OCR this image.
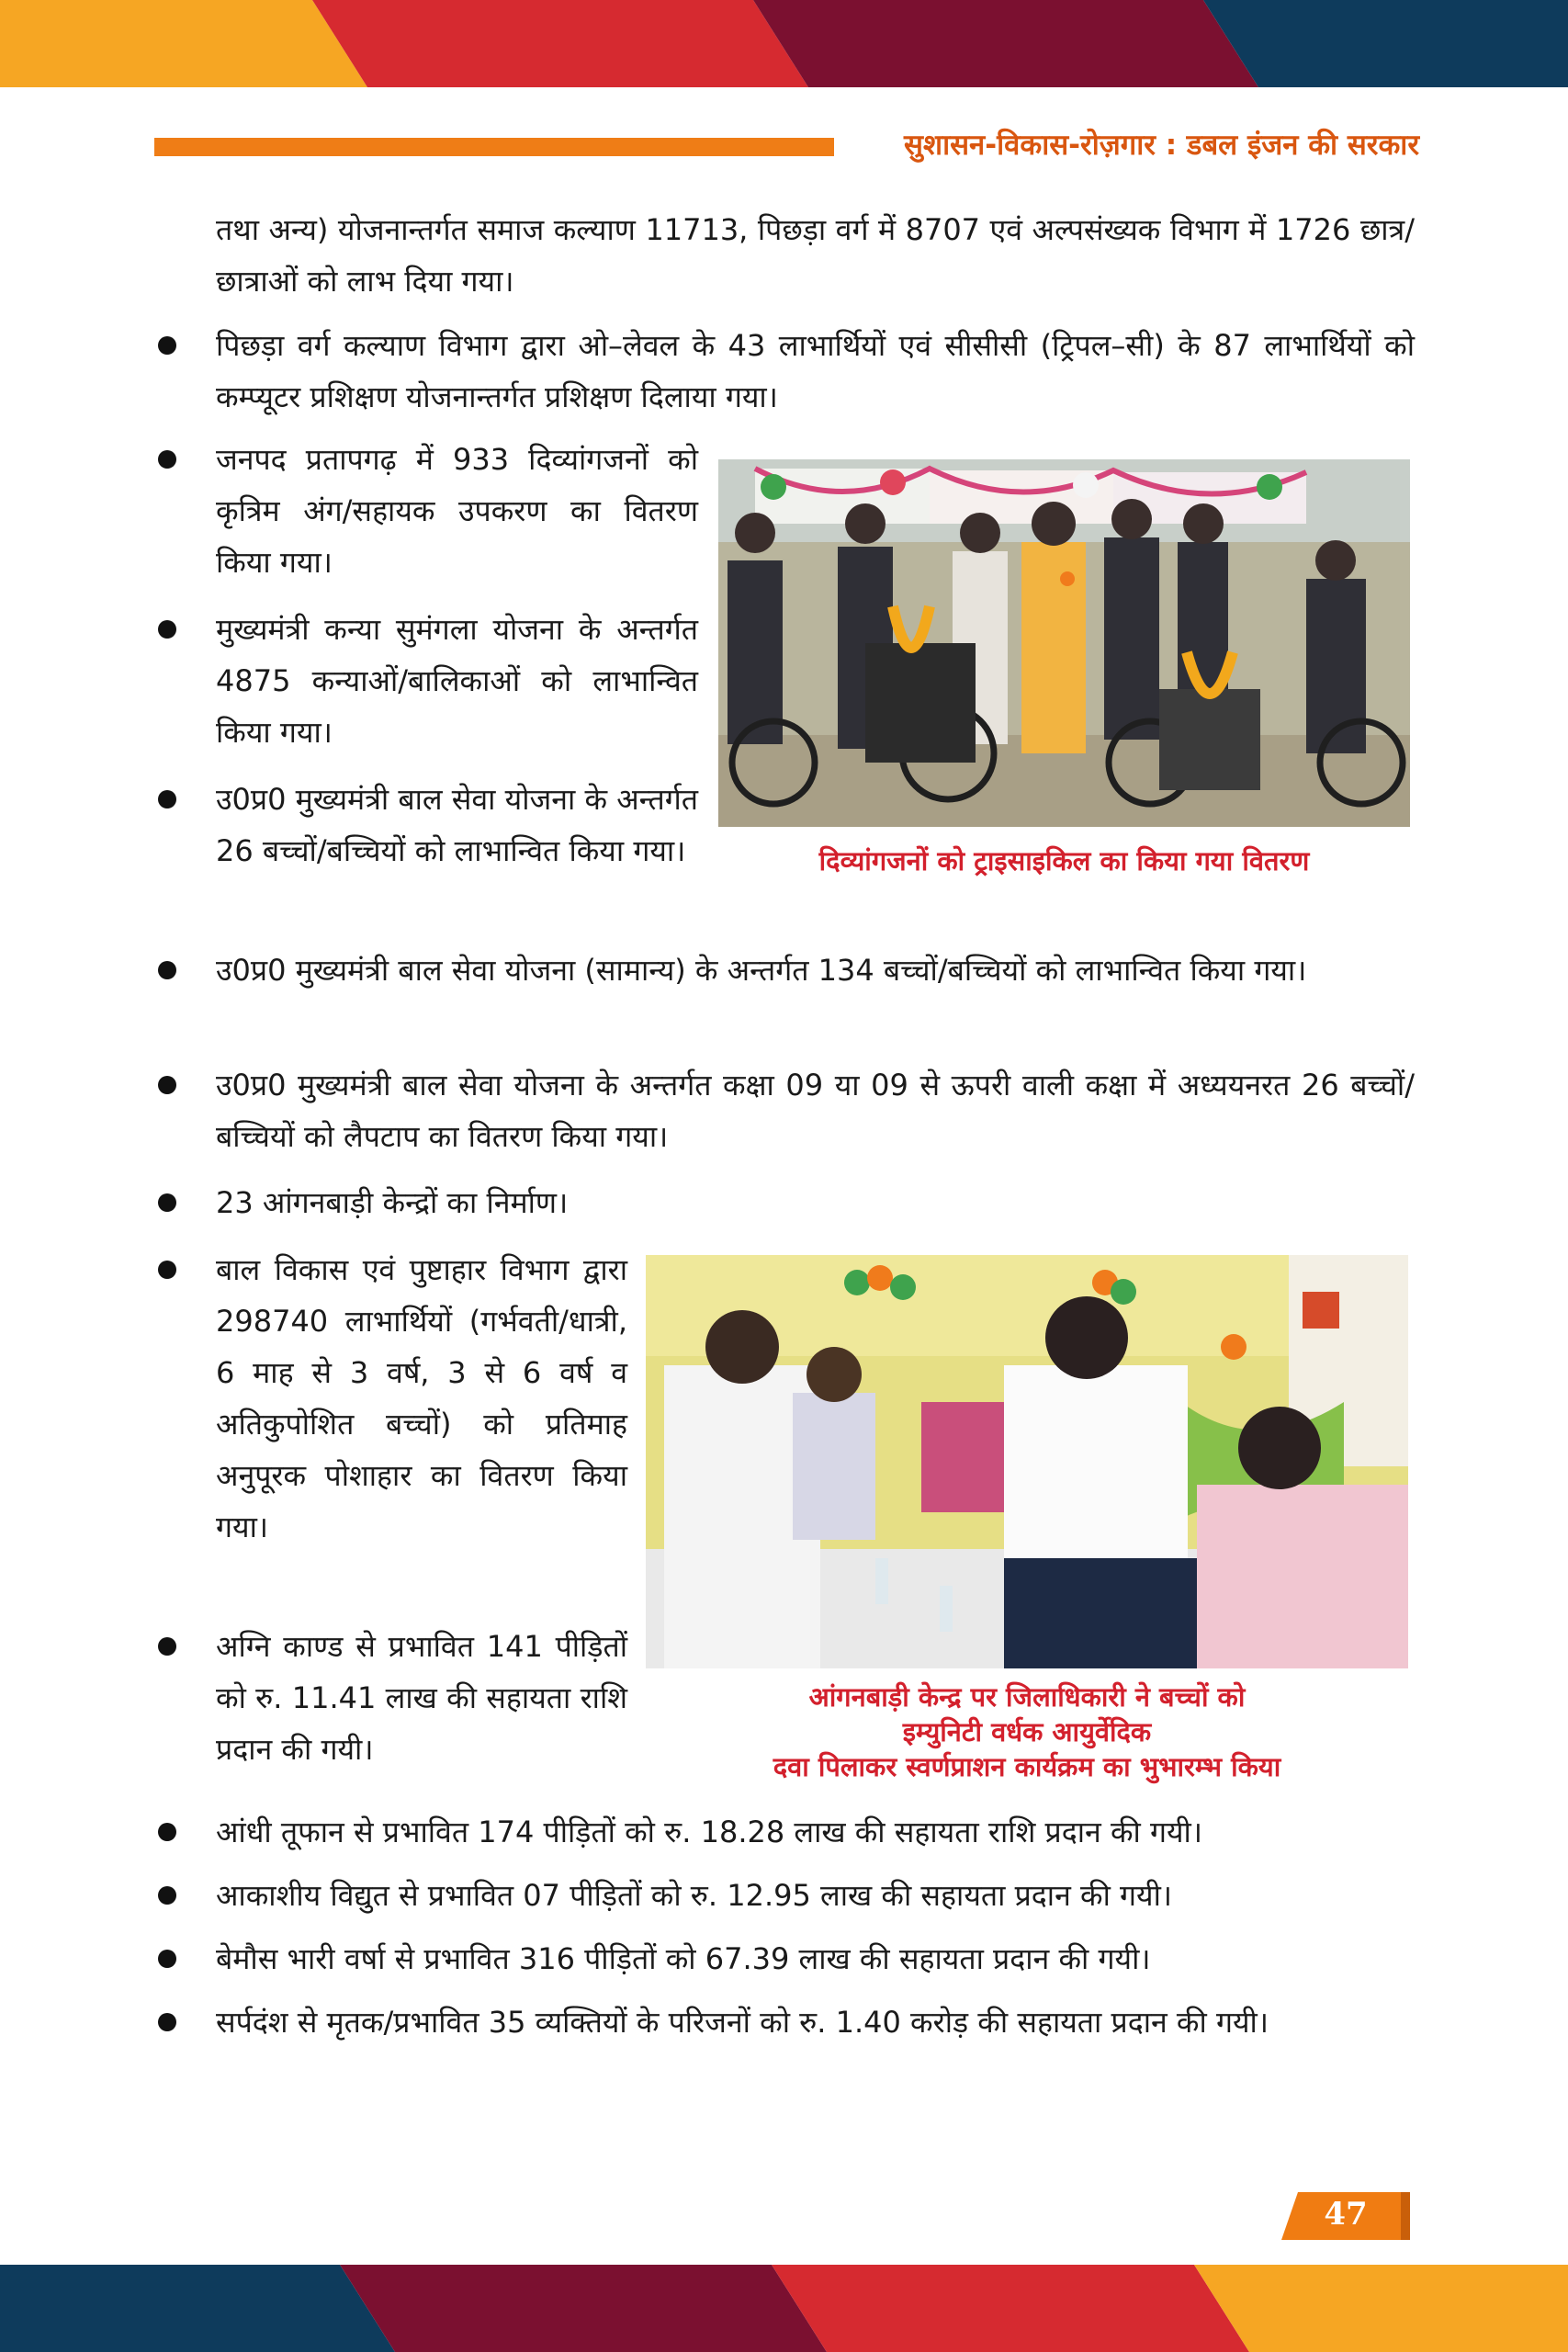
सुशासन-विकास-रोज़गार : डबल इंजन की सरकार

तथा अन्य) योजनान्तर्गत समाज कल्याण 11713, पिछड़ा वर्ग में 8707 एवं अल्पसंख्यक विभाग में 1726 छात्र/छात्राओं को लाभ दिया गया।

पिछड़ा वर्ग कल्याण विभाग द्वारा ओ–लेवल के 43 लाभार्थियों एवं सीसीसी (ट्रिपल–सी) के 87 लाभार्थियों को कम्प्यूटर प्रशिक्षण योजनान्तर्गत प्रशिक्षण दिलाया गया।

जनपद प्रतापगढ़ में 933 दिव्यांगजनों को कृत्रिम अंग/सहायक उपकरण का वितरण किया गया।

मुख्यमंत्री कन्या सुमंगला योजना के अन्तर्गत 4875 कन्याओं/बालिकाओं को लाभान्वित किया गया।

उ0प्र0 मुख्यमंत्री बाल सेवा योजना के अन्तर्गत 26 बच्चों/बच्चियों को लाभान्वित किया गया।	दिव्यांगजनों को ट्राइसाइकिल का किया गया वितरण

उ0प्र0 मुख्यमंत्री बाल सेवा योजना (सामान्य) के अन्तर्गत 134 बच्चों/बच्चियों को लाभान्वित किया गया।

उ0प्र0 मुख्यमंत्री बाल सेवा योजना के अन्तर्गत कक्षा 09 या 09 से ऊपरी वाली कक्षा में अध्ययनरत 26 बच्चों/बच्चियों को लैपटाप का वितरण किया गया।

23 आंगनबाड़ी केन्द्रों का निर्माण।

बाल विकास एवं पुष्टाहार विभाग द्वारा 298740 लाभार्थियों (गर्भवती/धात्री, 6 माह से 3 वर्ष, 3 से 6 वर्ष व अतिकुपोशित बच्चों) को प्रतिमाह अनुपूरक पोशाहार का वितरण किया गया।

अग्नि काण्ड से प्रभावित 141 पीड़ितों को रु. 11.41 लाख की सहायता राशि प्रदान की गयी।

आंगनबाड़ी केन्द्र पर जिलाधिकारी ने बच्चों को
इम्युनिटी वर्धक आयुर्वेदिक
दवा पिलाकर स्वर्णप्राशन कार्यक्रम का भुभारम्भ किया

आंधी तूफान से प्रभावित 174 पीड़ितों को रु. 18.28 लाख की सहायता राशि प्रदान की गयी।

आकाशीय विद्युत से प्रभावित 07 पीड़ितों को रु. 12.95 लाख की सहायता प्रदान की गयी।

बेमौस भारी वर्षा से प्रभावित 316 पीड़ितों को 67.39 लाख की सहायता प्रदान की गयी।

सर्पदंश से मृतक/प्रभावित 35 व्यक्तियों के परिजनों को रु. 1.40 करोड़ की सहायता प्रदान की गयी।

47
